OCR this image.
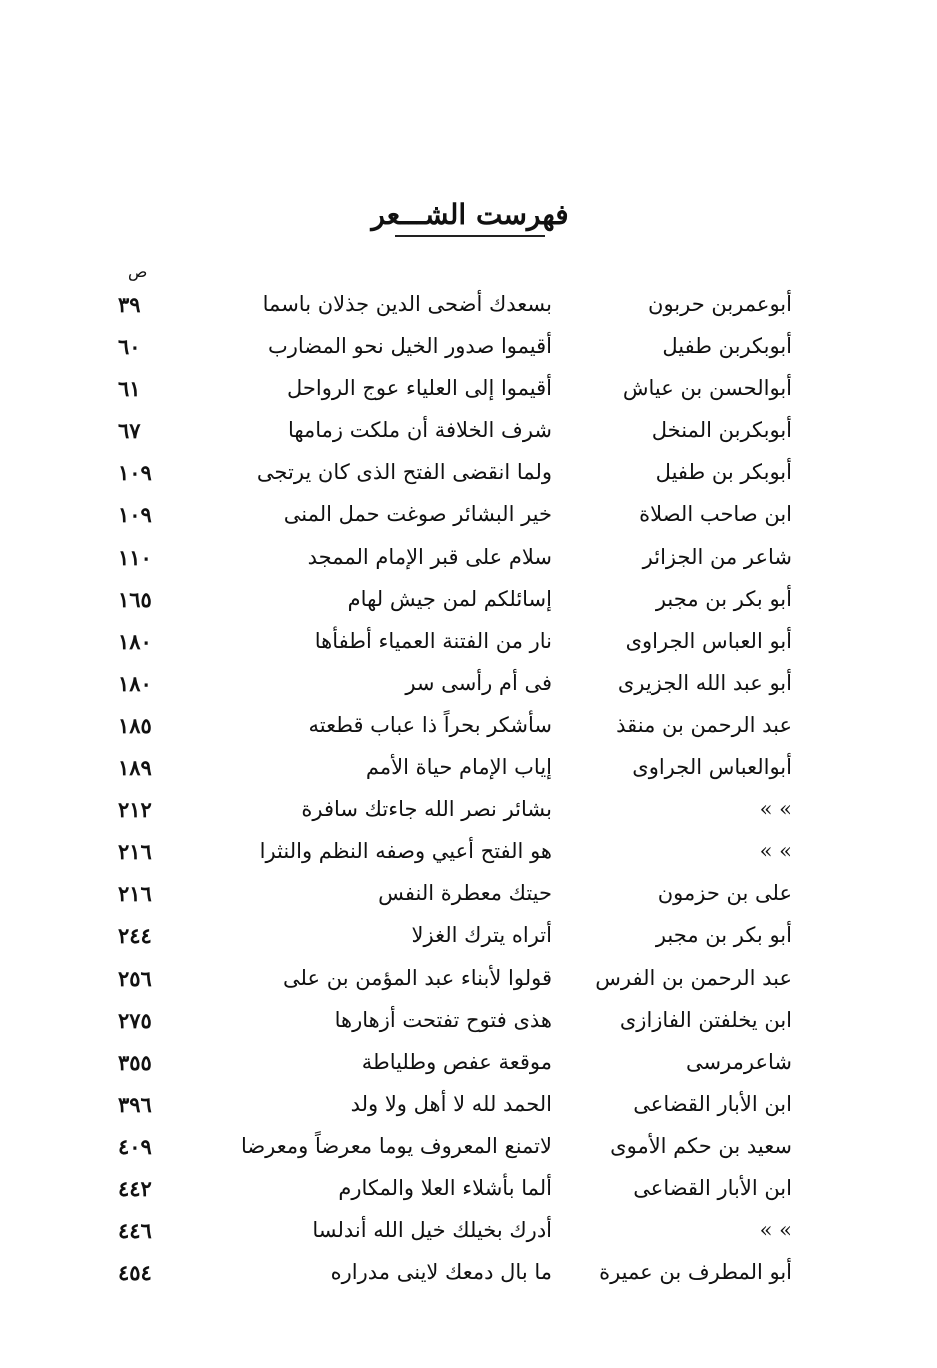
فهرست الشـــعر
ص
أبوعمربن حربون
بسعدك أضحى الدين جذلان باسما
٣٩
أبوبكربن طفيل
أقيموا صدور الخيل نحو المضارب
٦٠
أبوالحسن بن عياش
أقيموا إلى العلياء عوج الرواحل
٦١
أبوبكربن المنخل
شرف الخلافة أن ملكت زمامها
٦٧
أبوبكر بن طفيل
ولما انقضى الفتح الذى كان يرتجى
١٠٩
ابن صاحب الصلاة
خير البشائر صوغت حمل المنى
١٠٩
شاعر من الجزائر
سلام على قبر الإمام الممجد
١١٠
أبو بكر بن مجبر
إسائلكم لمن جيش لهام
١٦٥
أبو العباس الجراوى
نار من الفتنة العمياء أطفأها
١٨٠
أبو عبد الله الجزيرى
فى أم رأسى سر
١٨٠
عبد الرحمن بن منقذ
سأشكر بحراً ذا عباب قطعته
١٨٥
أبوالعباس الجراوى
إياب الإمام حياة الأمم
١٨٩
» »
بشائر نصر الله جاءتك سافرة
٢١٢
» »
هو الفتح أعيي وصفه النظم والنثرا
٢١٦
على بن حزمون
حيتك معطرة النفس
٢١٦
أبو بكر بن مجبر
أتراه يترك الغزلا
٢٤٤
عبد الرحمن بن الفرس
قولوا لأبناء عبد المؤمن بن على
٢٥٦
ابن يخلفتن الفازازى
هذى فتوح تفتحت أزهارها
٢٧٥
شاعرمرسى
موقعة عفص وطلياطة
٣٥٥
ابن الأبار القضاعى
الحمد لله لا أهل ولا ولد
٣٩٦
سعيد بن حكم الأموى
لاتمنع المعروف يوما معرضاً ومعرضا
٤٠٩
ابن الأبار القضاعى
ألما بأشلاء العلا والمكارم
٤٤٢
» »
أدرك بخيلك خيل الله أندلسا
٤٤٦
أبو المطرف بن عميرة
ما بال دمعك لاينى مدراره
٤٥٤
